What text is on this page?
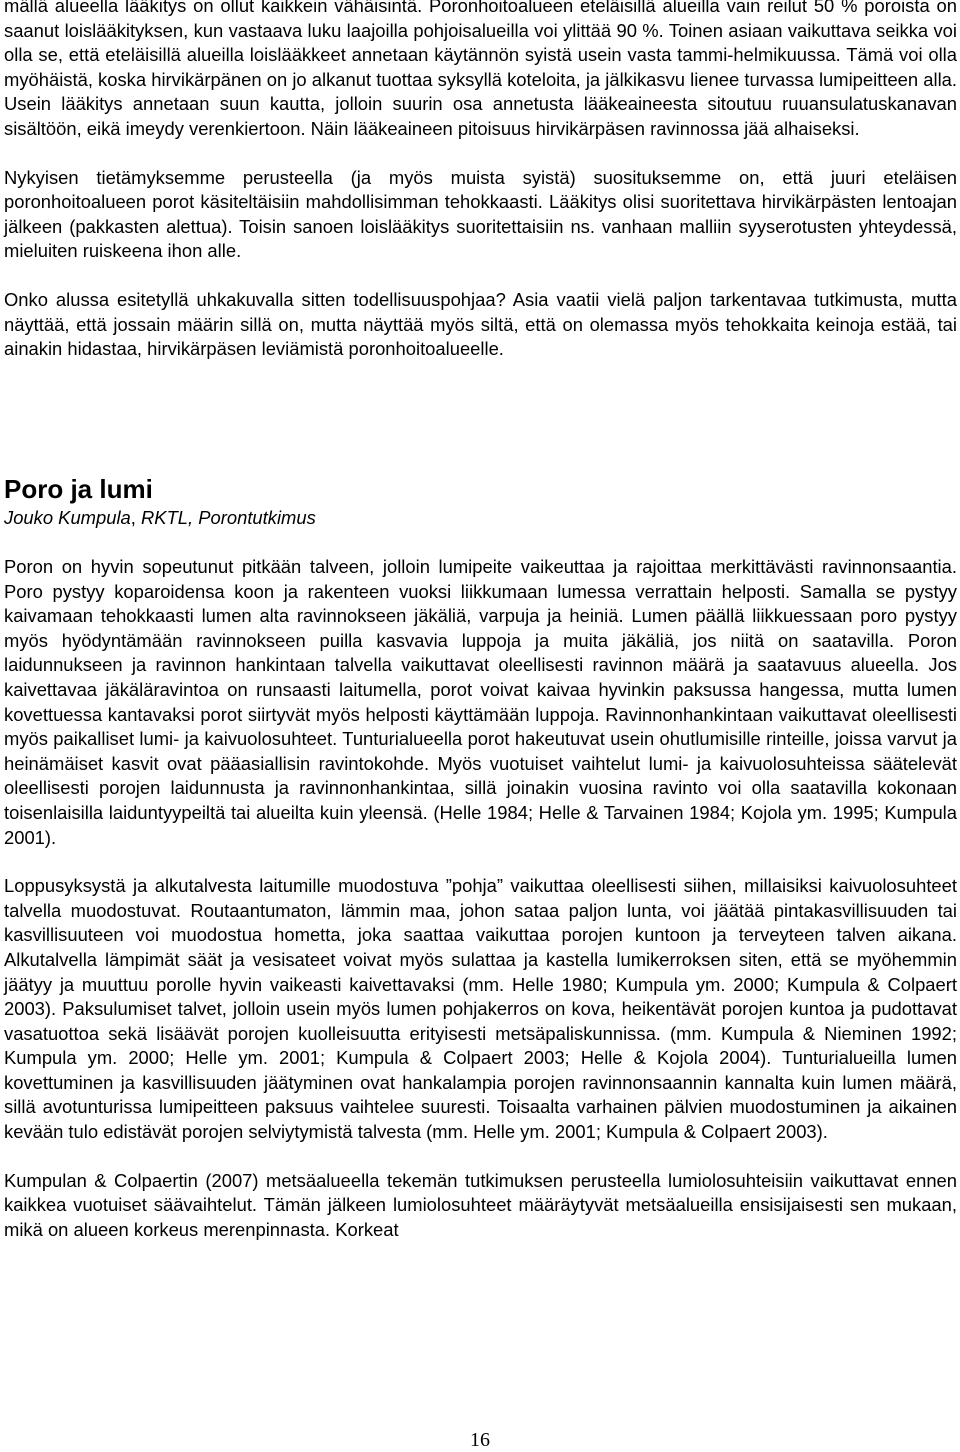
mällä alueella lääkitys on ollut kaikkein vähäisintä. Poronhoitoalueen eteläisillä alueilla vain reilut 50 % poroista on saanut loislääkityksen, kun vastaava luku laajoilla pohjoisalueilla voi ylittää 90 %. Toinen asiaan vaikuttava seikka voi olla se, että eteläisillä alueilla loislääkkeet annetaan käytännön syistä usein vasta tammi-helmikuussa. Tämä voi olla myöhäistä, koska hirvikärpänen on jo alkanut tuottaa syksyllä koteloita, ja jälkikasvu lienee turvassa lumipeitteen alla. Usein lääkitys annetaan suun kautta, jolloin suurin osa annetusta lääkeaineesta sitoutuu ruuansulatuskanavan sisältöön, eikä imeydy verenkiertoon. Näin lääkeaineen pitoisuus hirvikärpäsen ravinnossa jää alhaiseksi.

Nykyisen tietämyksemme perusteella (ja myös muista syistä) suosituksemme on, että juuri eteläisen poronhoitoalueen porot käsiteltäisiin mahdollisimman tehokkaasti. Lääkitys olisi suoritettava hirvikärpästen lentoajan jälkeen (pakkasten alettua). Toisin sanoen loislääkitys suoritettaisiin ns. vanhaan malliin syyserotusten yhteydessä, mieluiten ruiskeena ihon alle.

Onko alussa esitetyllä uhkakuvalla sitten todellisuuspohjaa? Asia vaatii vielä paljon tarkentavaa tutkimusta, mutta näyttää, että jossain määrin sillä on, mutta näyttää myös siltä, että on olemassa myös tehokkaita keinoja estää, tai ainakin hidastaa, hirvikärpäsen leviämistä poronhoitoalueelle.

Poro ja lumi

Jouko Kumpula, RKTL, Porontutkimus

Poron on hyvin sopeutunut pitkään talveen, jolloin lumipeite vaikeuttaa ja rajoittaa merkittävästi ravinnonsaantia. Poro pystyy koparoidensa koon ja rakenteen vuoksi liikkumaan lumessa verrattain helposti. Samalla se pystyy kaivamaan tehokkaasti lumen alta ravinnokseen jäkäliä, varpuja ja heiniä. Lumen päällä liikkuessaan poro pystyy myös hyödyntämään ravinnokseen puilla kasvavia luppoja ja muita jäkäliä, jos niitä on saatavilla. Poron laidunnukseen ja ravinnon hankintaan talvella vaikuttavat oleellisesti ravinnon määrä ja saatavuus alueella. Jos kaivettavaa jäkäläravintoa on runsaasti laitumella, porot voivat kaivaa hyvinkin paksussa hangessa, mutta lumen kovettuessa kantavaksi porot siirtyvät myös helposti käyttämään luppoja. Ravinnonhankintaan vaikuttavat oleellisesti myös paikalliset lumi- ja kaivuolosuhteet. Tunturialueella porot hakeutuvat usein ohutlumisille rinteille, joissa varvut ja heinämäiset kasvit ovat pääasiallisin ravintokohde. Myös vuotuiset vaihtelut lumi- ja kaivuolosuhteissa säätelevät oleellisesti porojen laidunnusta ja ravinnonhankintaa, sillä joinakin vuosina ravinto voi olla saatavilla kokonaan toisenlaisilla laiduntyypeiltä tai alueilta kuin yleensä. (Helle 1984; Helle & Tarvainen 1984; Kojola ym. 1995; Kumpula 2001).

Loppusyksystä ja alkutalvesta laitumille muodostuva ”pohja” vaikuttaa oleellisesti siihen, millaisiksi kaivuolosuhteet talvella muodostuvat. Routaantumaton, lämmin maa, johon sataa paljon lunta, voi jäätää pintakasvillisuuden tai kasvillisuuteen voi muodostua hometta, joka saattaa vaikuttaa porojen kuntoon ja terveyteen talven aikana. Alkutalvella lämpimät säät ja vesisateet voivat myös sulattaa ja kastella lumikerroksen siten, että se myöhemmin jäätyy ja muuttuu porolle hyvin vaikeasti kaivettavaksi (mm. Helle 1980; Kumpula ym. 2000; Kumpula & Colpaert 2003). Paksulumiset talvet, jolloin usein myös lumen pohjakerros on kova, heikentävät porojen kuntoa ja pudottavat vasatuottoa sekä lisäävät porojen kuolleisuutta erityisesti metsäpaliskunnissa. (mm. Kumpula & Nieminen 1992; Kumpula ym. 2000; Helle ym. 2001; Kumpula & Colpaert 2003; Helle & Kojola 2004). Tunturialueilla lumen kovettuminen ja kasvillisuuden jäätyminen ovat hankalampia porojen ravinnonsaannin kannalta kuin lumen määrä, sillä avotunturissa lumipeitteen paksuus vaihtelee suuresti. Toisaalta varhainen pälvien muodostuminen ja aikainen kevään tulo edistävät porojen selviytymistä talvesta (mm. Helle ym. 2001; Kumpula & Colpaert 2003).

Kumpulan & Colpaertin (2007) metsäalueella tekemän tutkimuksen perusteella lumiolosuhteisiin vaikuttavat ennen kaikkea vuotuiset säävaihtelut. Tämän jälkeen lumiolosuhteet määräytyvät metsäalueilla ensisijaisesti sen mukaan, mikä on alueen korkeus merenpinnasta. Korkeat

16
